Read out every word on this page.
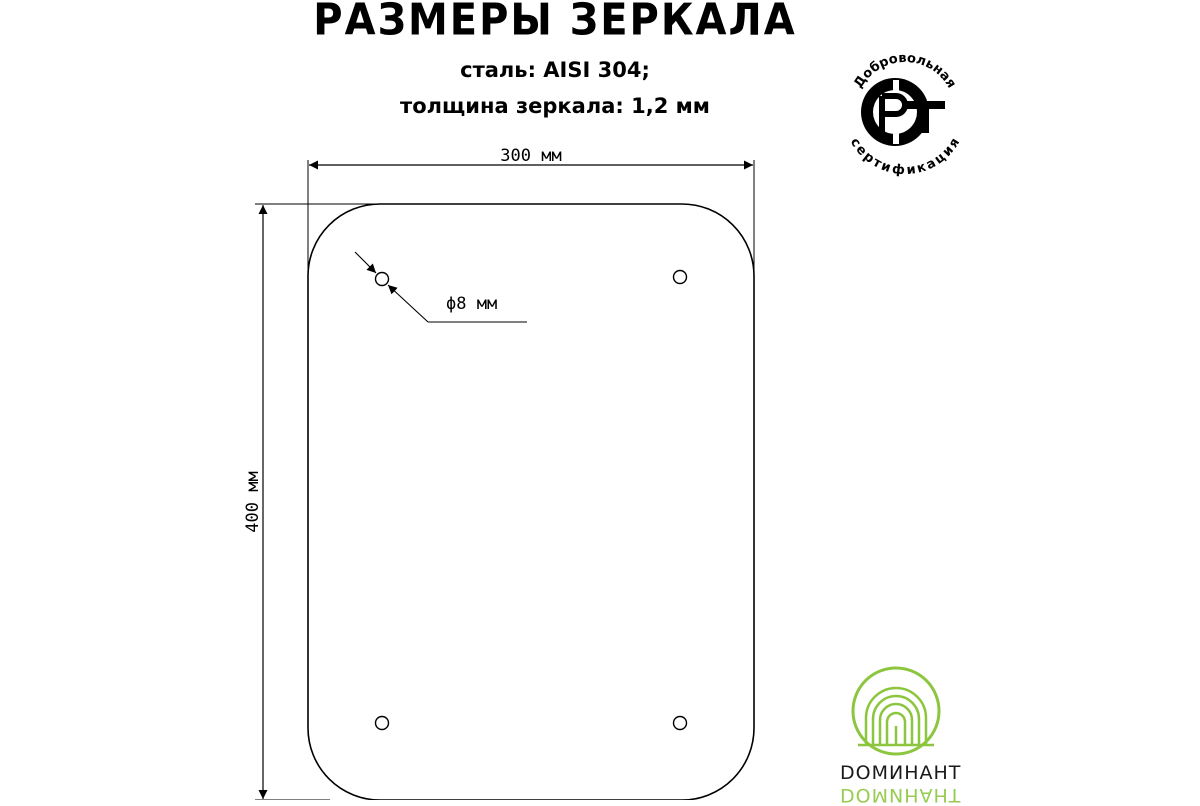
РАЗМЕРЫ ЗЕРКАЛА
сталь: AISI 304;
толщина зеркала: 1,2 мм
300 мм
400 мм
ϕ8 мм
Добровольная
сертификация
DОМИНАНТ
DОМИНАНТ
